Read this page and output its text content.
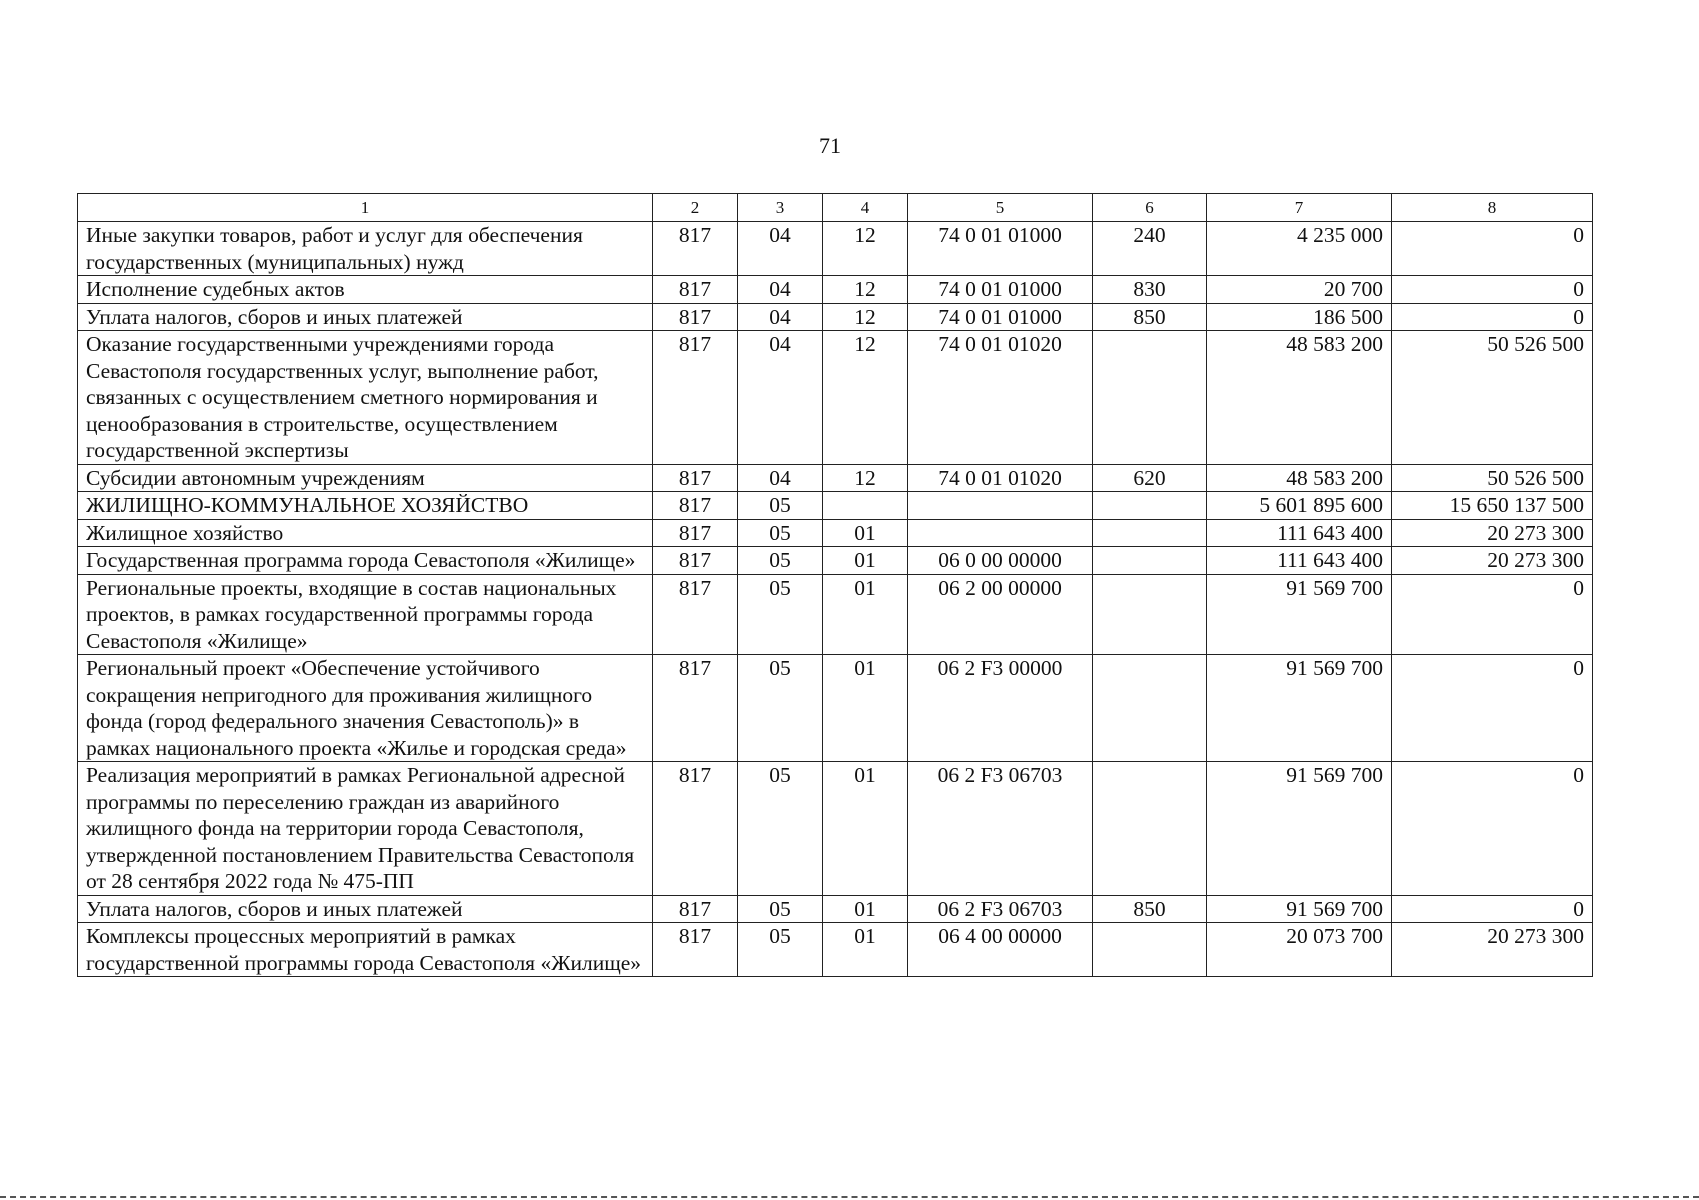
71
1	2	3	4	5	6	7	8
Иные закупки товаров, работ и услуг для обеспечения государственных (муниципальных) нужд	817	04	12	74 0 01 01000	240	4 235 000	0
Исполнение судебных актов	817	04	12	74 0 01 01000	830	20 700	0
Уплата налогов, сборов и иных платежей	817	04	12	74 0 01 01000	850	186 500	0
Оказание государственными учреждениями города Севастополя государственных услуг, выполнение работ, связанных с осуществлением сметного нормирования и ценообразования в строительстве, осуществлением государственной экспертизы	817	04	12	74 0 01 01020		48 583 200	50 526 500
Субсидии автономным учреждениям	817	04	12	74 0 01 01020	620	48 583 200	50 526 500
ЖИЛИЩНО-КОММУНАЛЬНОЕ ХОЗЯЙСТВО	817	05				5 601 895 600	15 650 137 500
Жилищное хозяйство	817	05	01			111 643 400	20 273 300
Государственная программа города Севастополя «Жилище»	817	05	01	06 0 00 00000		111 643 400	20 273 300
Региональные проекты, входящие в состав национальных проектов, в рамках государственной программы города Севастополя «Жилище»	817	05	01	06 2 00 00000		91 569 700	0
Региональный проект «Обеспечение устойчивого сокращения непригодного для проживания жилищного фонда (город федерального значения Севастополь)» в рамках национального проекта «Жилье и городская среда»	817	05	01	06 2 F3 00000		91 569 700	0
Реализация мероприятий в рамках Региональной адресной программы по переселению граждан из аварийного жилищного фонда на территории города Севастополя, утвержденной постановлением Правительства Севастополя от 28 сентября 2022 года № 475-ПП	817	05	01	06 2 F3 06703		91 569 700	0
Уплата налогов, сборов и иных платежей	817	05	01	06 2 F3 06703	850	91 569 700	0
Комплексы процессных мероприятий в рамках государственной программы города Севастополя «Жилище»	817	05	01	06 4 00 00000		20 073 700	20 273 300
